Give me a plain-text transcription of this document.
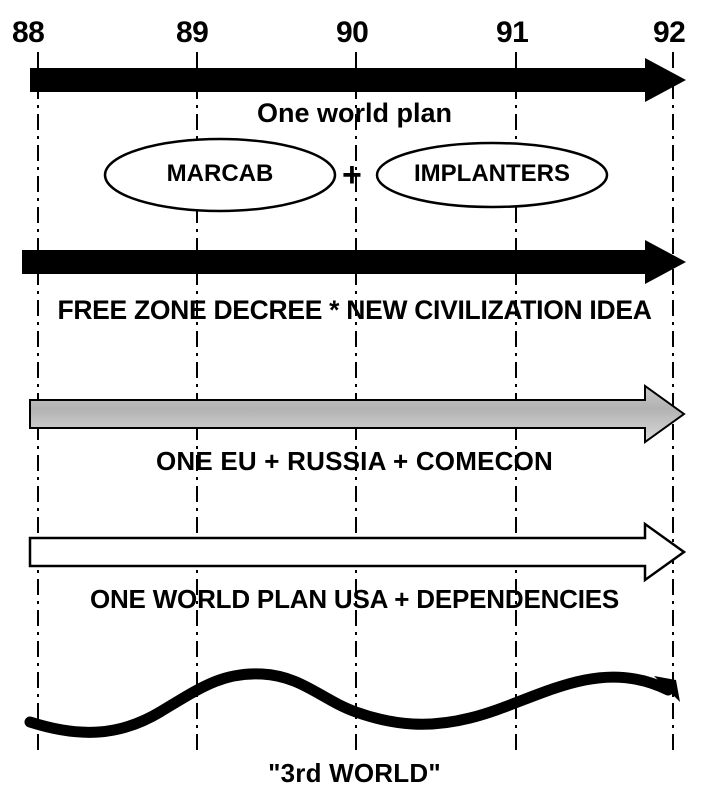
88	89	90	91	92
One world plan
MARCAB	+	IMPLANTERS
FREE ZONE DECREE * NEW CIVILIZATION IDEA
ONE EU + RUSSIA + COMECON
ONE WORLD PLAN USA + DEPENDENCIES
"3rd WORLD"
